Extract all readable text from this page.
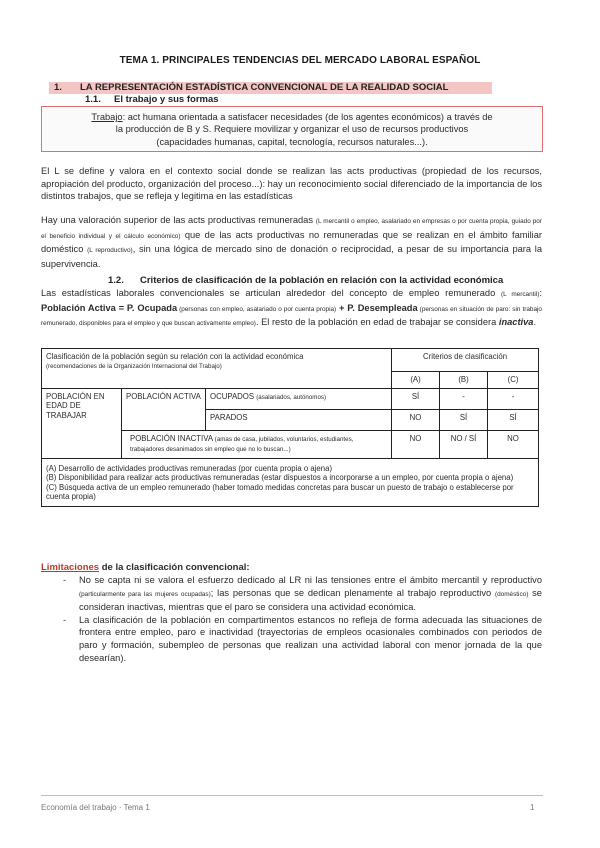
TEMA 1. PRINCIPALES TENDENCIAS DEL MERCADO LABORAL ESPAÑOL
1. LA REPRESENTACIÓN ESTADÍSTICA CONVENCIONAL DE LA REALIDAD SOCIAL
1.1. El trabajo y sus formas
Trabajo: act humana orientada a satisfacer necesidades (de los agentes económicos) a través de
la producción de B y S. Requiere movilizar y organizar el uso de recursos productivos
(capacidades humanas, capital, tecnología, recursos naturales...).
El L se define y valora en el contexto social donde se realizan las acts productivas (propiedad de los recursos, apropiación del producto, organización del proceso...): hay un reconocimiento social diferenciado de la importancia de los distintos trabajos, que se refleja y legitima en las estadísticas
Hay una valoración superior de las acts productivas remuneradas (L mercantil o empleo, asalariado en empresas o por cuenta propia, guiado por el beneficio individual y el cálculo económico) que de las acts productivas no remuneradas que se realizan en el ámbito familiar doméstico (L reproductivo), sin una lógica de mercado sino de donación o reciprocidad, a pesar de su importancia para la supervivencia.
1.2. Criterios de clasificación de la población en relación con la actividad económica
Las estadísticas laborales convencionales se articulan alrededor del concepto de empleo remunerado (L mercantil): Población Activa = P. Ocupada (personas con empleo, asalariado o por cuenta propia) + P. Desempleada (personas en situación de paro: sin trabajo remunerado, disponibles para el empleo y que buscan activamente empleo). El resto de la población en edad de trabajar se considera inactiva.
Clasificación de la población según su relación con la actividad económica
(recomendaciones de la Organización Internacional del Trabajo)			Criterios de clasificación		
			(A)	(B)	(C)
POBLACIÓN EN EDAD DE TRABAJAR	POBLACIÓN ACTIVA	OCUPADOS (asalariados, autónomos)	SÍ	-	-
		PARADOS	NO	SÍ	SÍ
	POBLACIÓN INACTIVA (amas de casa, jubilados, voluntarios, estudiantes, trabajadores desanimados sin empleo que no lo buscan...)		NO	NO / SÍ	NO

(A) Desarrollo de actividades productivas remuneradas (por cuenta propia o ajena)
(B) Disponibilidad para realizar acts productivas remuneradas (estar dispuestos a incorporarse a un empleo, por cuenta propia o ajena)
(C) Búsqueda activa de un empleo remunerado (haber tomado medidas concretas para buscar un puesto de trabajo o establecerse por cuenta propia)					
Limitaciones de la clasificación convencional:
- No se capta ni se valora el esfuerzo dedicado al LR ni las tensiones entre el ámbito mercantil y reproductivo (particularmente para las mujeres ocupadas); las personas que se dedican plenamente al trabajo reproductivo (doméstico) se consideran inactivas, mientras que el paro se considera una actividad económica.
- La clasificación de la población en compartimentos estancos no refleja de forma adecuada las situaciones de frontera entre empleo, paro e inactividad (trayectorias de empleos ocasionales combinados con periodos de paro y formación, subempleo de personas que realizan una actividad laboral con menor jornada de la que desearían).
Economía del trabajo · Tema 1	1
